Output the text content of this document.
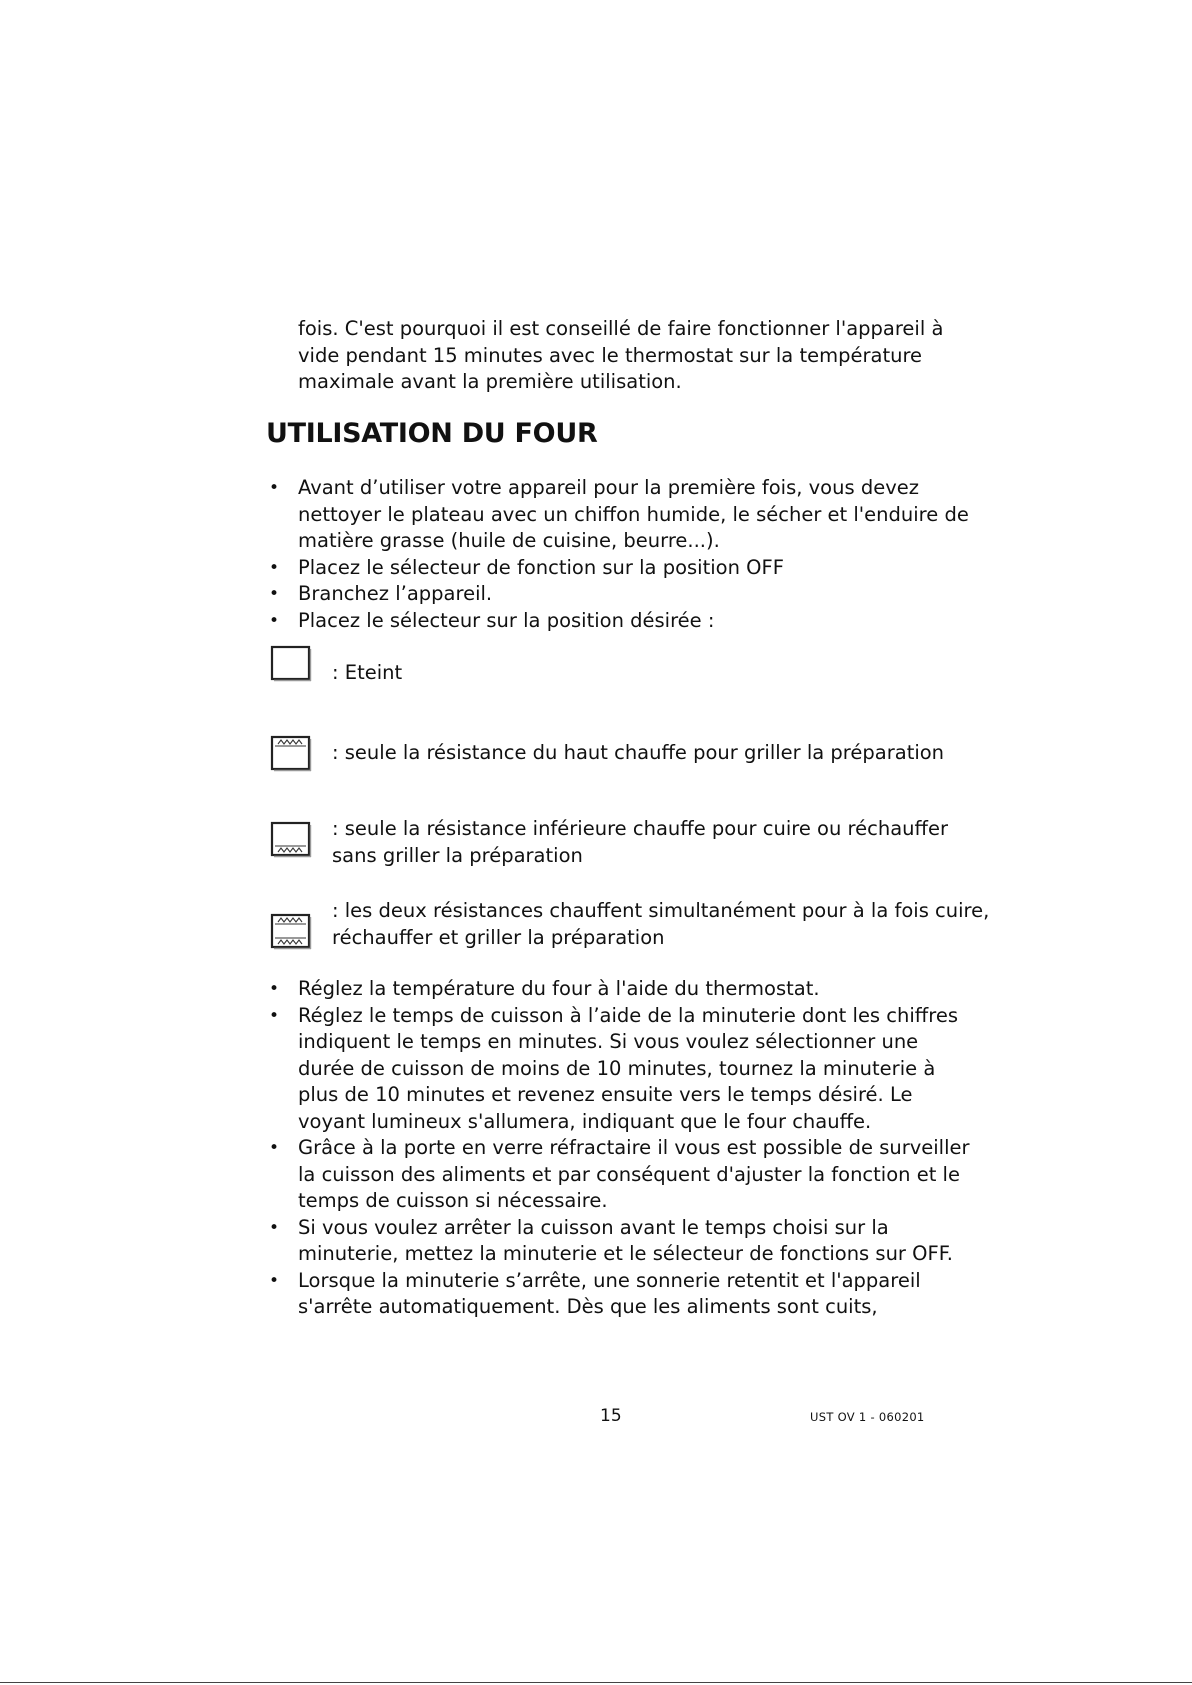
fois. C'est pourquoi il est conseillé de faire fonctionner l'appareil à vide pendant 15 minutes avec le thermostat sur la température maximale avant la première utilisation.

UTILISATION DU FOUR
• Avant d’utiliser votre appareil pour la première fois, vous devez nettoyer le plateau avec un chiffon humide, le sécher et l'enduire de matière grasse (huile de cuisine, beurre...).
• Placez le sélecteur de fonction sur la position OFF
• Branchez l’appareil.
• Placez le sélecteur sur la position désirée :

: Eteint

: seule la résistance du haut chauffe pour griller la préparation

: seule la résistance inférieure chauffe pour cuire ou réchauffer sans griller la préparation

: les deux résistances chauffent simultanément pour à la fois cuire, réchauffer et griller la préparation

• Réglez la température du four à l'aide du thermostat.
• Réglez le temps de cuisson à l’aide de la minuterie dont les chiffres indiquent le temps en minutes. Si vous voulez sélectionner une durée de cuisson de moins de 10 minutes, tournez la minuterie à plus de 10 minutes et revenez ensuite vers le temps désiré. Le voyant lumineux s'allumera, indiquant que le four chauffe.
• Grâce à la porte en verre réfractaire il vous est possible de surveiller la cuisson des aliments et par conséquent d'ajuster la fonction et le temps de cuisson si nécessaire.
• Si vous voulez arrêter la cuisson avant le temps choisi sur la minuterie, mettez la minuterie et le sélecteur de fonctions sur OFF.
• Lorsque la minuterie s’arrête, une sonnerie retentit et l'appareil s'arrête automatiquement. Dès que les aliments sont cuits,

15	UST OV 1 - 060201
